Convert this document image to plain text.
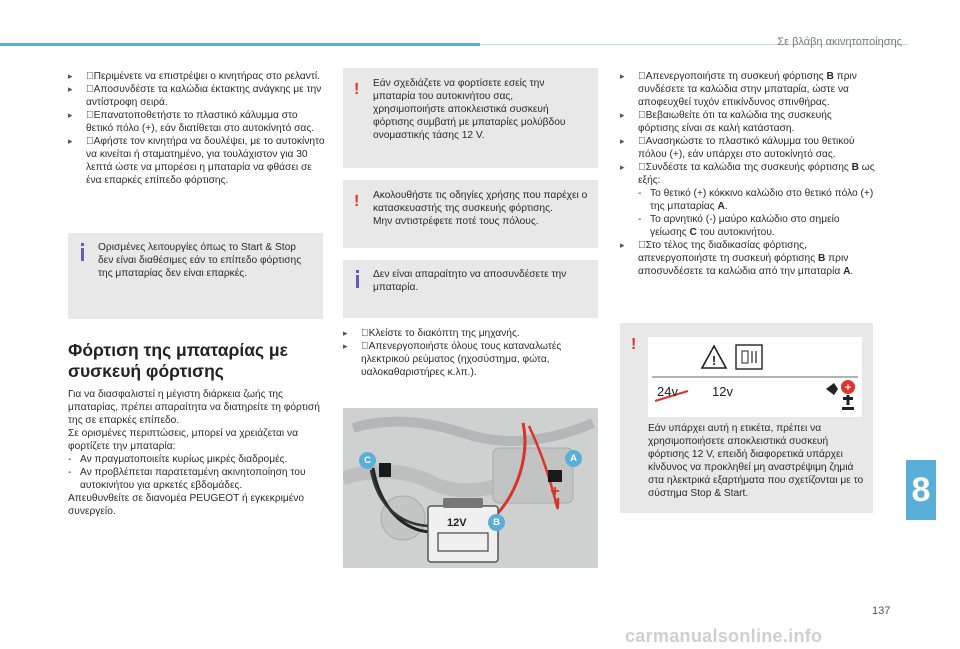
Σε βλάβη ακινητοποίησης
▸ Περιμένετε να επιστρέψει ο κινητήρας στο ρελαντί.
▸ Αποσυνδέστε τα καλώδια έκτακτης ανάγκης με την αντίστροφη σειρά.
▸ Επανατοποθετήστε το πλαστικό κάλυμμα στο θετικό πόλο (+), εάν διατίθεται στο αυτοκίνητό σας.
▸ Αφήστε τον κινητήρα να δουλέψει, με το αυτοκίνητο να κινείται ή σταματημένο, για τουλάχιστον για 30 λεπτά ώστε να μπορέσει η μπαταρία να φθάσει σε ένα επαρκές επίπεδο φόρτισης.
Ορισμένες λειτουργίες όπως το Start & Stop δεν είναι διαθέσιμες εάν το επίπεδο φόρτισης της μπαταρίας δεν είναι επαρκές.
Φόρτιση της μπαταρίας με συσκευή φόρτισης
Για να διασφαλιστεί η μέγιστη διάρκεια ζωής της μπαταρίας, πρέπει απαραίτητα να διατηρείτε τη φόρτισή της σε επαρκές επίπεδο.
Σε ορισμένες περιπτώσεις, μπορεί να χρειάζεται να φορτίζετε την μπαταρία:
- Αν πραγματοποιείτε κυρίως μικρές διαδρομές.
- Αν προβλέπεται παρατεταμένη ακινητοποίηση του αυτοκινήτου για αρκετές εβδομάδες.
Απευθυνθείτε σε διανομέα PEUGEOT ή εγκεκριμένο συνεργείο.
! Εάν σχεδιάζετε να φορτίσετε εσείς την μπαταρία του αυτοκινήτου σας, χρησιμοποιήστε αποκλειστικά συσκευή φόρτισης συμβατή με μπαταρίες μολύβδου ονομαστικής τάσης 12 V.
! Ακολουθήστε τις οδηγίες χρήσης που παρέχει ο κατασκευαστής της συσκευής φόρτισης.
Μην αντιστρέφετε ποτέ τους πόλους.
Δεν είναι απαραίτητο να αποσυνδέσετε την μπαταρία.
▸ Κλείστε το διακόπτη της μηχανής.
▸ Απενεργοποιήστε όλους τους καταναλωτές ηλεκτρικού ρεύματος (ηχοσύστημα, φώτα, υαλοκαθαριστήρες κ.λπ.).
+
A
B
C
12V
▸ Απενεργοποιήστε τη συσκευή φόρτισης B πριν συνδέσετε τα καλώδια στην μπαταρία, ώστε να αποφευχθεί τυχόν επικίνδυνος σπινθήρας.
▸ Βεβαιωθείτε ότι τα καλώδια της συσκευής φόρτισης είναι σε καλή κατάσταση.
▸ Ανασηκώστε το πλαστικό κάλυμμα του θετικού πόλου (+), εάν υπάρχει στο αυτοκίνητό σας.
▸ Συνδέστε τα καλώδια της συσκευής φόρτισης B ως εξής:
- Το θετικό (+) κόκκινο καλώδιο στο θετικό πόλο (+) της μπαταρίας A.
- Το αρνητικό (-) μαύρο καλώδιο στο σημείο γείωσης C του αυτοκινήτου.
▸ Στο τέλος της διαδικασίας φόρτισης, απενεργοποιήστε τη συσκευή φόρτισης B πριν αποσυνδέσετε τα καλώδια από την μπαταρία A.
!
!
+
24v	12v
Εάν υπάρχει αυτή η ετικέτα, πρέπει να χρησιμοποιήσετε αποκλειστικά συσκευή φόρτισης 12 V, επειδή διαφορετικά υπάρχει κίνδυνος να προκληθεί μη αναστρέψιμη ζημιά στα ηλεκτρικά εξαρτήματα που σχετίζονται με το σύστημα Stop & Start.	8
137
carmanualsonline.info
